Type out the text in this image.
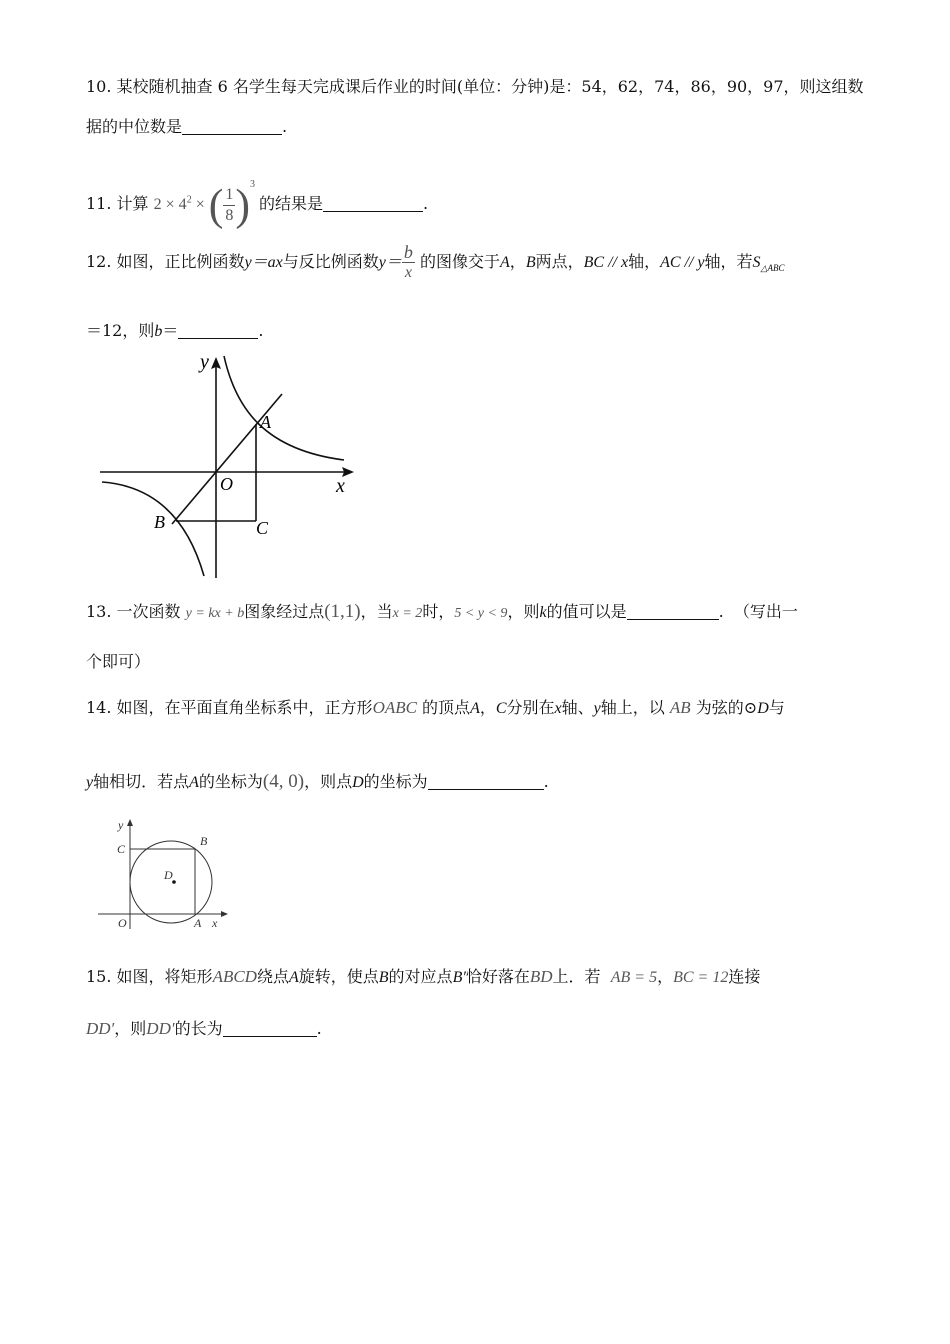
10. 某校随机抽查 6 名学生每天完成课后作业的时间(单位：分钟)是：54，62，74，86，90，97，则这组数
据的中位数是	.
11. 计算 $2 \times 4^2$ × ( $\frac{1}{8} )^3$ 的结果是	.
12. 如图，正比例函数y＝ax与反比例函数$y= \frac{b}{x}$ 的图像交于A，B两点，BC // x轴，AC // y轴，若$S_{\triangle ABC}$
＝12，则b＝	.
y
x
O
A
B	C
13. 一次函数 y = kx + b图象经过点(1,1)，当x = 2时，5 < y < 9，则k的值可以是	. （写出一
个即可）
14. 如图，在平面直角坐标系中，正方形OABC 的顶点A，C分别在x轴、y轴上，以 AB 为弦的⊙D与
y轴相切．若点A的坐标为(4, 0)，则点D的坐标为	.
y
x
O	A
B
C
D
15. 如图，将矩形ABCD绕点A旋转，使点B的对应点B′恰好落在BD上．若 AB = 5，BC = 12连接
DD′，则DD′的长为	.
